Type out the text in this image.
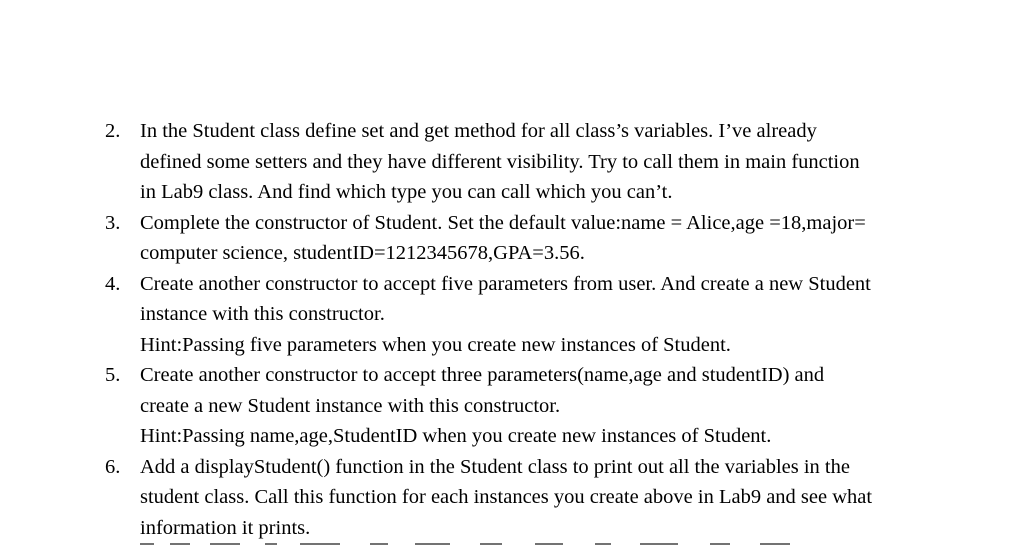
2. In the Student class define set and get method for all class’s variables. I’ve already
defined some setters and they have different visibility. Try to call them in main function
in Lab9 class. And find which type you can call which you can’t.
3. Complete the constructor of Student. Set the default value:name = Alice,age =18,major=
computer science, studentID=1212345678,GPA=3.56.
4. Create another constructor to accept five parameters from user. And create a new Student
instance with this constructor.
Hint:Passing five parameters when you create new instances of Student.
5. Create another constructor to accept three parameters(name,age and studentID) and
create a new Student instance with this constructor.
Hint:Passing name,age,StudentID when you create new instances of Student.
6. Add a displayStudent() function in the Student class to print out all the variables in the
student class. Call this function for each instances you create above in Lab9 and see what
information it prints.
